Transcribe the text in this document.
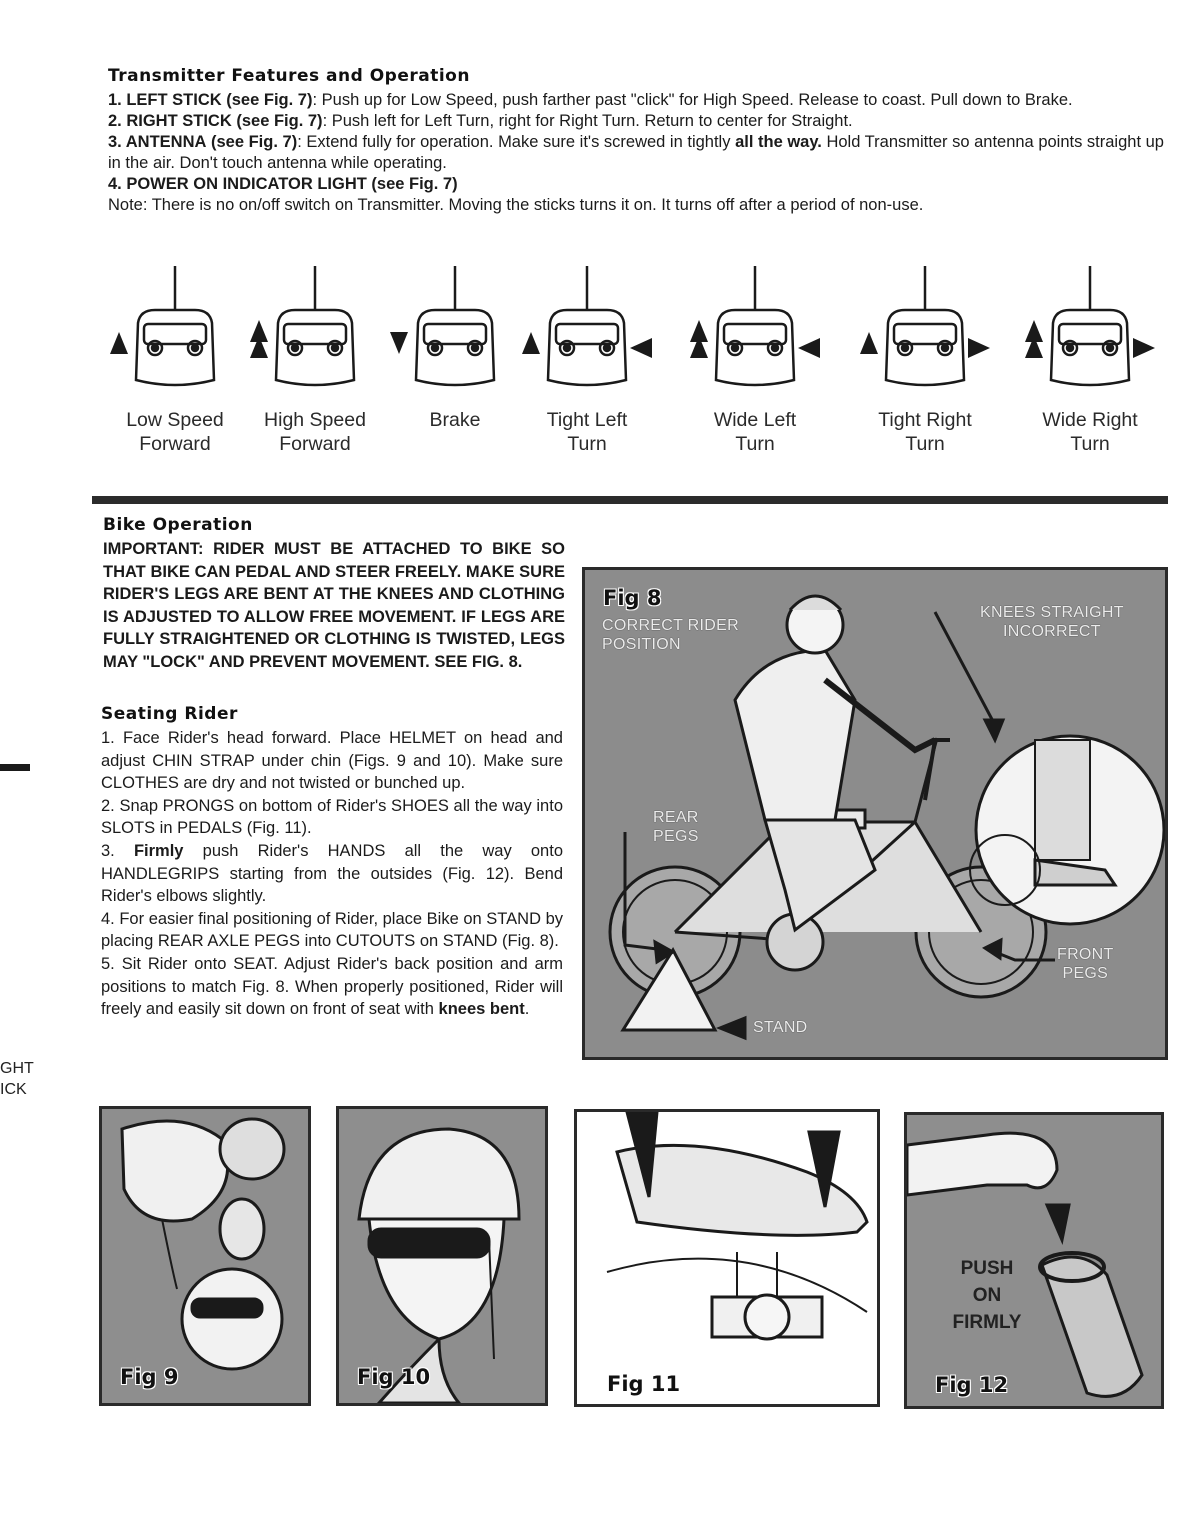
Transmitter Features and Operation
1. LEFT STICK (see Fig. 7): Push up for Low Speed, push farther past "click" for High Speed. Release to coast. Pull down to Brake.
2. RIGHT STICK (see Fig. 7): Push left for Left Turn, right for Right Turn. Return to center for Straight.
3. ANTENNA (see Fig. 7): Extend fully for operation. Make sure it's screwed in tightly all the way. Hold Transmitter so antenna points straight up in the air. Don't touch antenna while operating.
4. POWER ON INDICATOR LIGHT (see Fig. 7)
Note: There is no on/off switch on Transmitter. Moving the sticks turns it on. It turns off after a period of non-use.
Low Speed
Forward
High Speed
Forward
Brake	Tight Left
Turn
Wide Left
Turn
Tight Right
Turn
Wide Right
Turn
Bike Operation
IMPORTANT: RIDER MUST BE ATTACHED TO BIKE SO THAT BIKE CAN PEDAL AND STEER FREELY. MAKE SURE RIDER'S LEGS ARE BENT AT THE KNEES AND CLOTHING IS ADJUSTED TO ALLOW FREE MOVEMENT. IF LEGS ARE FULLY STRAIGHTENED OR CLOTHING IS TWISTED, LEGS MAY "LOCK" AND PREVENT MOVEMENT. SEE FIG. 8.
Seating Rider
1. Face Rider's head forward. Place HELMET on head and adjust CHIN STRAP under chin (Figs. 9 and 10). Make sure CLOTHES are dry and not twisted or bunched up.
2. Snap PRONGS on bottom of Rider's SHOES all the way into SLOTS in PEDALS (Fig. 11).
3. Firmly push Rider's HANDS all the way onto HANDLEGRIPS starting from the outsides (Fig. 12). Bend Rider's elbows slightly.
4. For easier final positioning of Rider, place Bike on STAND by placing REAR AXLE PEGS into CUTOUTS on STAND (Fig. 8).
5. Sit Rider onto SEAT. Adjust Rider's back position and arm positions to match Fig. 8. When properly positioned, Rider will freely and easily sit down on front of seat with knees bent.
Fig 8
CORRECT RIDER
POSITION
KNEES STRAIGHT
INCORRECT
REAR
PEGS
FRONT
PEGS
STAND
Fig 9	Fig 10	Fig 11
PUSH
ON
FIRMLY
Fig 12
GHT
ICK
